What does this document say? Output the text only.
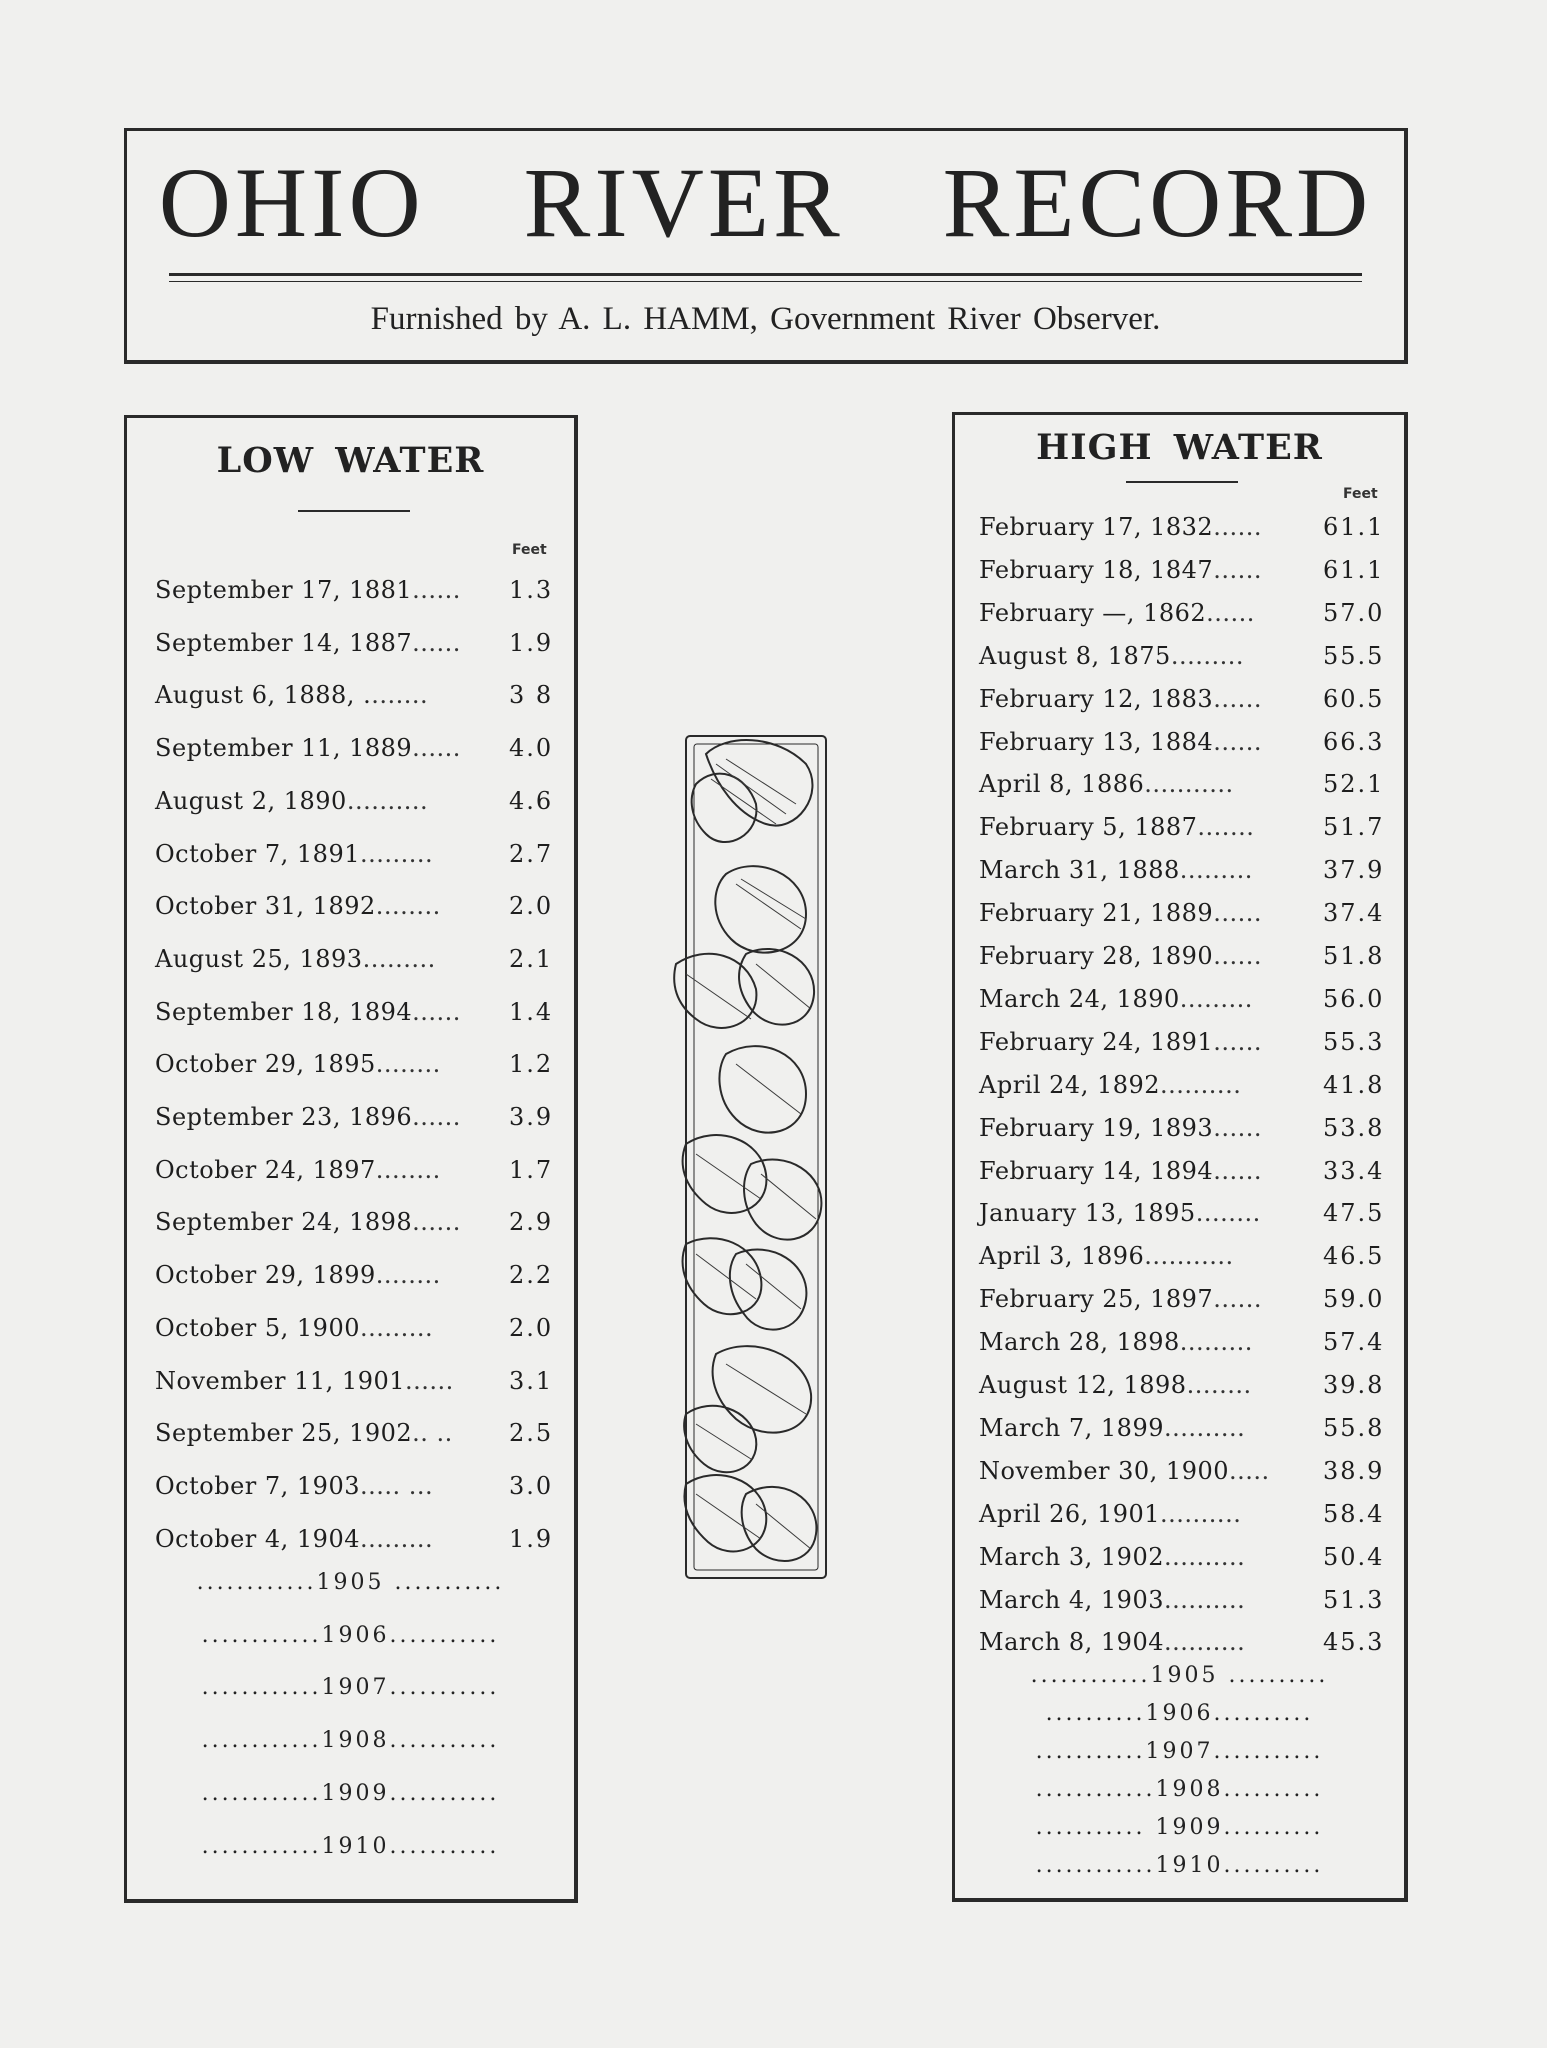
OHIO RIVER RECORD
Furnished by A. L. HAMM, Government River Observer.
LOW WATER
Feet
September 17, 1881...... 1.3
September 14, 1887...... 1.9
August 6, 1888, ........	3 8
September 11, 1889...... 4.0
August 2, 1890..........	4.6
October 7, 1891.........	2.7
October 31, 1892........	2.0
August 25, 1893.........	2.1
September 18, 1894...... 1.4
October 29, 1895........	1.2
September 23, 1896...... 3.9
October 24, 1897........	1.7
September 24, 1898...... 2.9
October 29, 1899........	2.2
October 5, 1900.........	2.0
November 11, 1901...... 3.1
September 25, 1902.. .. 2.5
October 7, 1903..... ...	3.0
October 4, 1904.........	1.9
............1905 ...........
............1906...........
............1907...........
............1908...........
............1909...........
............1910...........
HIGH WATER
Feet
February 17, 1832......	61.1
February 18, 1847......	61.1
February —, 1862......	57.0
August 8, 1875.........	55.5
February 12, 1883......	60.5
February 13, 1884......	66.3
April 8, 1886...........	52.1
February 5, 1887.......	51.7
March 31, 1888.........	37.9
February 21, 1889......	37.4
February 28, 1890......	51.8
March 24, 1890.........	56.0
February 24, 1891......	55.3
April 24, 1892..........	41.8
February 19, 1893......	53.8
February 14, 1894......	33.4
January 13, 1895........	47.5
April 3, 1896...........	46.5
February 25, 1897......	59.0
March 28, 1898.........	57.4
August 12, 1898........	39.8
March 7, 1899..........	55.8
November 30, 1900..... 38.9
April 26, 1901..........	58.4
March 3, 1902..........	50.4
March 4, 1903..........	51.3
March 8, 1904..........	45.3
............1905 ..........
..........1906..........
...........1907...........
............1908..........
........... 1909..........
............1910..........
